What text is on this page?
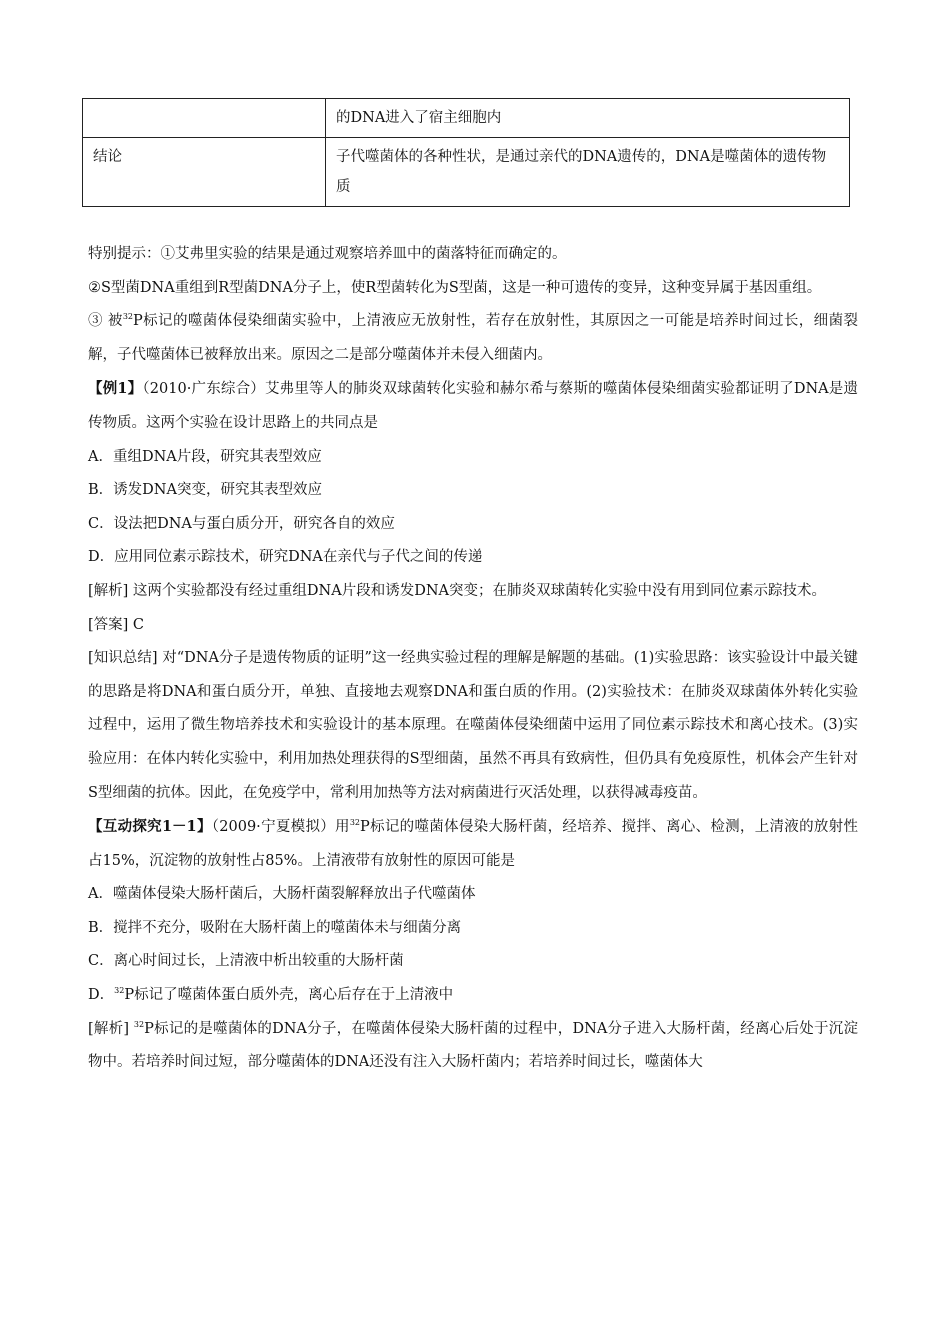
	的DNA进入了宿主细胞内
结论	子代噬菌体的各种性状，是通过亲代的DNA遗传的，DNA是噬菌体的遗传物质

特别提示：①艾弗里实验的结果是通过观察培养皿中的菌落特征而确定的。

②S型菌DNA重组到R型菌DNA分子上，使R型菌转化为S型菌，这是一种可遗传的变异，这种变异属于基因重组。

③ 被$^{32}$P标记的噬菌体侵染细菌实验中，上清液应无放射性，若存在放射性，其原因之一可能是培养时间过长，细菌裂解，子代噬菌体已被释放出来。原因之二是部分噬菌体并未侵入细菌内。

【例1】（2010·广东综合）艾弗里等人的肺炎双球菌转化实验和赫尔希与蔡斯的噬菌体侵染细菌实验都证明了DNA是遗传物质。这两个实验在设计思路上的共同点是

A．重组DNA片段，研究其表型效应

B．诱发DNA突变，研究其表型效应

C．设法把DNA与蛋白质分开，研究各自的效应

D．应用同位素示踪技术，研究DNA在亲代与子代之间的传递

[解析] 这两个实验都没有经过重组DNA片段和诱发DNA突变；在肺炎双球菌转化实验中没有用到同位素示踪技术。

[答案] C

[知识总结] 对“DNA分子是遗传物质的证明”这一经典实验过程的理解是解题的基础。(1)实验思路：该实验设计中最关键的思路是将DNA和蛋白质分开，单独、直接地去观察DNA和蛋白质的作用。(2)实验技术：在肺炎双球菌体外转化实验过程中，运用了微生物培养技术和实验设计的基本原理。在噬菌体侵染细菌中运用了同位素示踪技术和离心技术。(3)实验应用：在体内转化实验中，利用加热处理获得的S型细菌，虽然不再具有致病性，但仍具有免疫原性，机体会产生针对S型细菌的抗体。因此，在免疫学中，常利用加热等方法对病菌进行灭活处理，以获得减毒疫苗。

【互动探究1－1】（2009·宁夏模拟）用$^{32}$P标记的噬菌体侵染大肠杆菌，经培养、搅拌、离心、检测，上清液的放射性占15%，沉淀物的放射性占85%。上清液带有放射性的原因可能是

A．噬菌体侵染大肠杆菌后，大肠杆菌裂解释放出子代噬菌体

B．搅拌不充分，吸附在大肠杆菌上的噬菌体未与细菌分离

C．离心时间过长，上清液中析出较重的大肠杆菌

D．$^{32}$P标记了噬菌体蛋白质外壳，离心后存在于上清液中

[解析] $^{32}$P标记的是噬菌体的DNA分子，在噬菌体侵染大肠杆菌的过程中，DNA分子进入大肠杆菌，经离心后处于沉淀物中。若培养时间过短，部分噬菌体的DNA还没有注入大肠杆菌内；若培养时间过长，噬菌体大
